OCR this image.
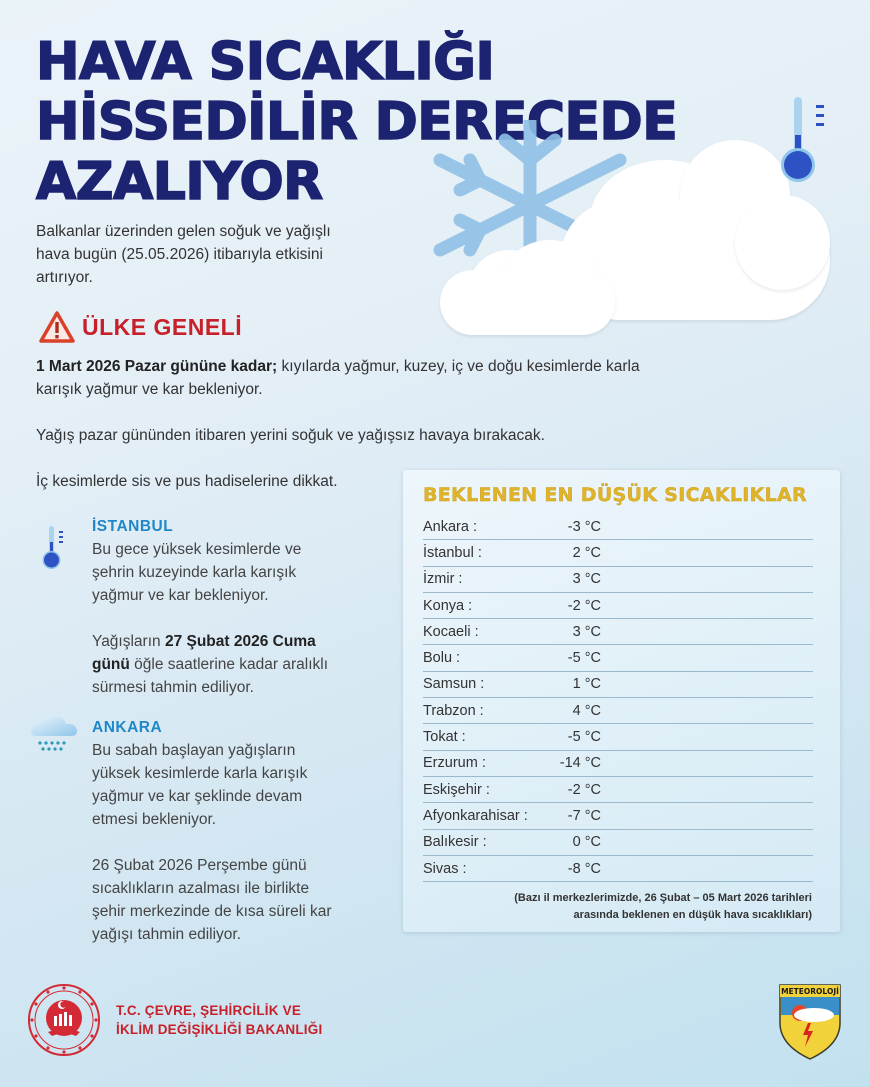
HAVA SICAKLIĞI
HİSSEDİLİR DERECEDE
AZALIYOR
Balkanlar üzerinden gelen soğuk ve yağışlı
hava bugün (25.05.2026) itibarıyla etkisini
artırıyor.
ÜLKE GENELİ

1 Mart 2026 Pazar gününe kadar; kıyılarda yağmur, kuzey, iç ve doğu kesimlerde karla
karışık yağmur ve kar bekleniyor.

Yağış pazar gününden itibaren yerini soğuk ve yağışsız havaya bırakacak.

İç kesimlerde sis ve pus hadiselerine dikkat.

İSTANBUL

Bu gece yüksek kesimlerde ve
şehrin kuzeyinde karla karışık
yağmur ve kar bekleniyor.

Yağışların 27 Şubat 2026 Cuma
günü öğle saatlerine kadar aralıklı
sürmesi tahmin ediliyor.

ANKARA

Bu sabah başlayan yağışların
yüksek kesimlerde karla karışık
yağmur ve kar şeklinde devam
etmesi bekleniyor.

26 Şubat 2026 Perşembe günü
sıcaklıkların azalması ile birlikte
şehir merkezinde de kısa süreli kar
yağışı tahmin ediliyor.

BEKLENEN EN DÜŞÜK SICAKLIKLAR
Ankara :	-3 °C
İstanbul :	2 °C
İzmir :	3 °C
Konya :	-2 °C
Kocaeli :	3 °C
Bolu :	-5 °C
Samsun :	1 °C
Trabzon :	4 °C
Tokat :	-5 °C
Erzurum :	-14 °C
Eskişehir :	-2 °C
Afyonkarahisar :	-7 °C
Balıkesir :	0 °C
Sivas :	-8 °C
(Bazı il merkezlerimizde, 26 Şubat – 05 Mart 2026 tarihleri
arasında beklenen en düşük hava sıcaklıkları)
T.C. ÇEVRE, ŞEHİRCİLİK VE
İKLİM DEĞİŞİKLİĞİ BAKANLIĞI
METEOROLOJİ
